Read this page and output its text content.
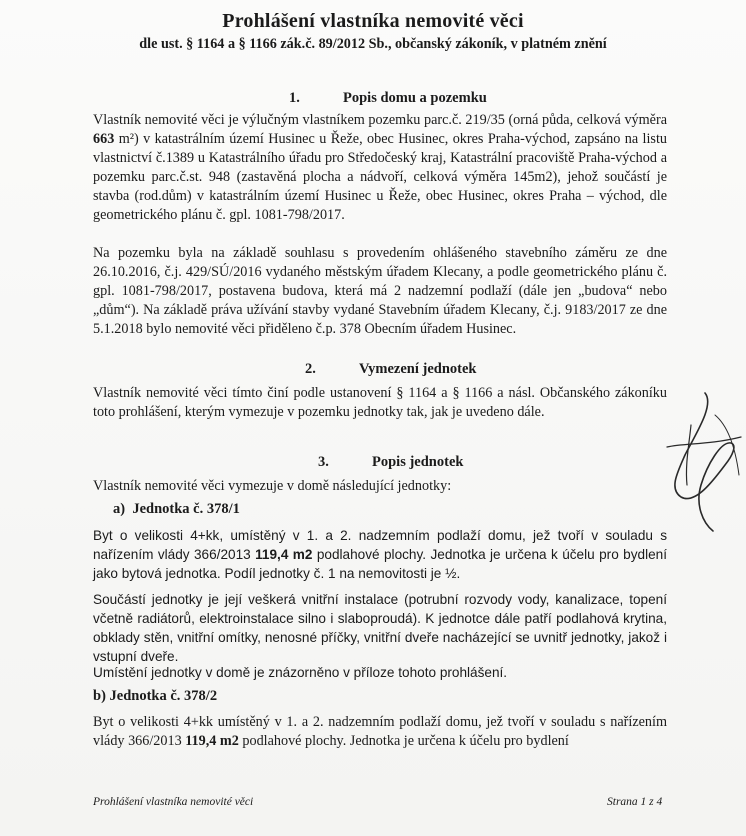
Prohlášení vlastníka nemovité věci
dle ust. § 1164 a § 1166 zák.č. 89/2012 Sb., občanský zákoník, v platném znění
1.	Popis domu a pozemku
Vlastník nemovité věci je výlučným vlastníkem pozemku parc.č. 219/35 (orná půda, celková výměra 663 m²) v katastrálním území Husinec u Řeže, obec Husinec, okres Praha-východ, zapsáno na listu vlastnictví č.1389 u Katastrálního úřadu pro Středočeský kraj, Katastrální pracoviště Praha-východ a pozemku parc.č.st. 948 (zastavěná plocha a nádvoří, celková výměra 145m2), jehož součástí je stavba (rod.dům) v katastrálním území Husinec u Řeže, obec Husinec, okres Praha – východ, dle geometrického plánu č. gpl. 1081-798/2017.
Na pozemku byla na základě souhlasu s provedením ohlášeného stavebního záměru ze dne 26.10.2016, č.j. 429/SÚ/2016 vydaného městským úřadem Klecany, a podle geometrického plánu č. gpl. 1081-798/2017, postavena budova, která má 2 nadzemní podlaží (dále jen „budova“ nebo „dům“). Na základě práva užívání stavby vydané Stavebním úřadem Klecany, č.j. 9183/2017 ze dne 5.1.2018 bylo nemovité věci přiděleno č.p. 378 Obecním úřadem Husinec.
2.	Vymezení jednotek
Vlastník nemovité věci tímto činí podle ustanovení § 1164 a § 1166 a násl. Občanského zákoníku toto prohlášení, kterým vymezuje v pozemku jednotky tak, jak je uvedeno dále.
3.	Popis jednotek
Vlastník nemovité věci vymezuje v domě následující jednotky:
a) Jednotka č. 378/1
Byt o velikosti 4+kk, umístěný v 1. a 2. nadzemním podlaží domu, jež tvoří v souladu s nařízením vlády 366/2013 119,4 m2 podlahové plochy. Jednotka je určena k účelu pro bydlení jako bytová jednotka. Podíl jednotky č. 1 na nemovitosti je ½.
Součástí jednotky je její veškerá vnitřní instalace (potrubní rozvody vody, kanalizace, topení včetně radiátorů, elektroinstalace silno i slaboproudá). K jednotce dále patří podlahová krytina, obklady stěn, vnitřní omítky, nenosné příčky, vnitřní dveře nacházející se uvnitř jednotky, jakož i vstupní dveře.
Umístění jednotky v domě je znázorněno v příloze tohoto prohlášení.
b) Jednotka č. 378/2
Byt o velikosti 4+kk umístěný v 1. a 2. nadzemním podlaží domu, jež tvoří v souladu s nařízením vlády 366/2013 119,4 m2 podlahové plochy. Jednotka je určena k účelu pro bydlení
Prohlášení vlastníka nemovité věci	Strana 1 z 4
